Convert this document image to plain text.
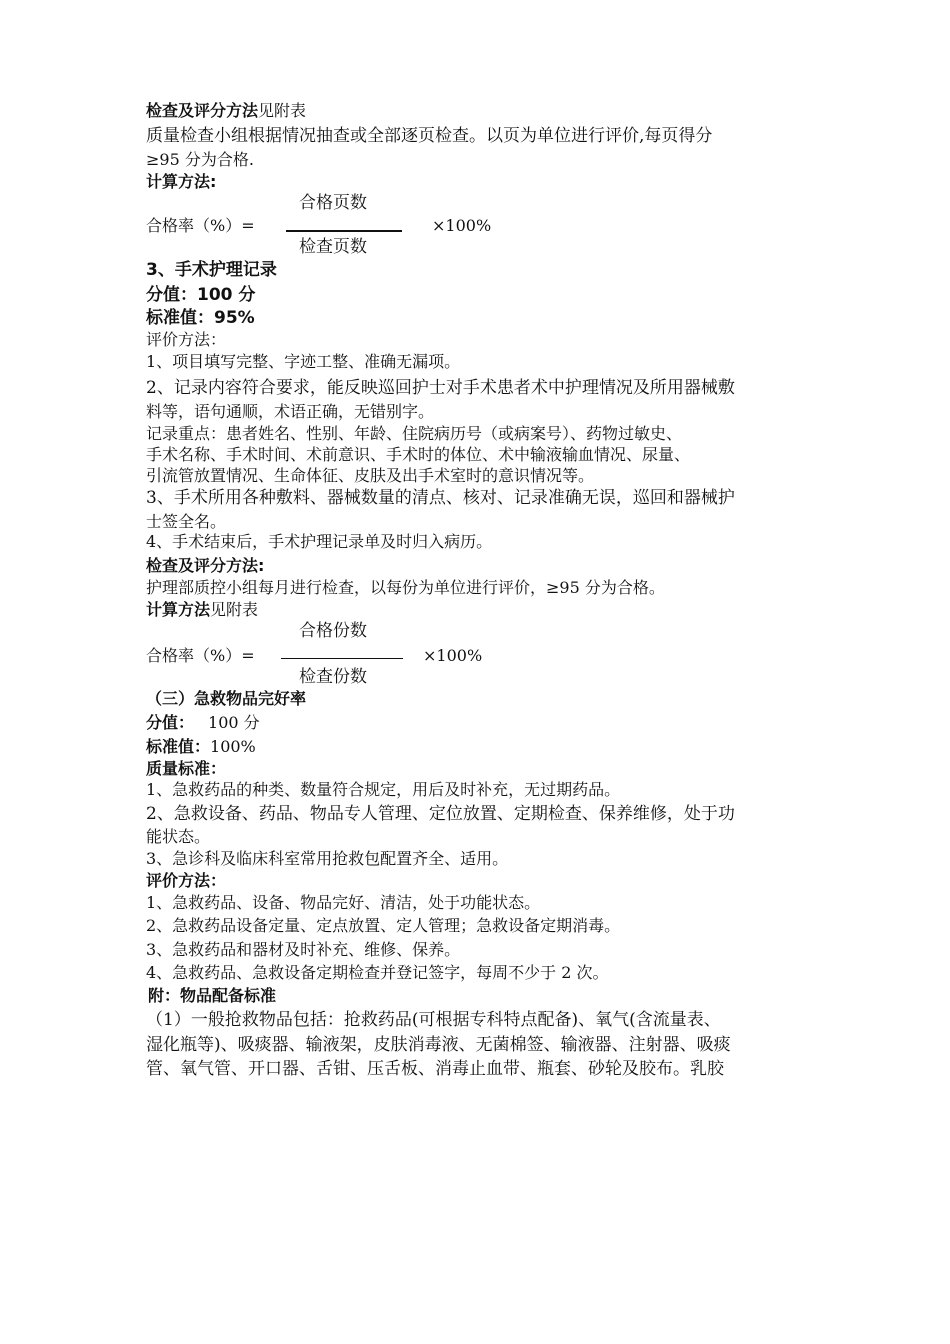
检查及评分方法见附表
质量检查小组根据情况抽查或全部逐页检查。以页为单位进行评价,每页得分
≥95 分为合格.
计算方法:
合格页数
合格率（%）=	×100%
检查页数
3、手术护理记录
分值：100 分
标准值：95%
评价方法：
1、项目填写完整、字迹工整、准确无漏项。
2、记录内容符合要求，能反映巡回护士对手术患者术中护理情况及所用器械敷
料等，语句通顺，术语正确，无错别字。
记录重点：患者姓名、性别、年龄、住院病历号（或病案号）、药物过敏史、
手术名称、手术时间、术前意识、手术时的体位、术中输液输血情况、尿量、
引流管放置情况、生命体征、皮肤及出手术室时的意识情况等。
3、手术所用各种敷料、器械数量的清点、核对、记录准确无误，巡回和器械护
士签全名。
4、手术结束后，手术护理记录单及时归入病历。
检查及评分方法:
护理部质控小组每月进行检查，以每份为单位进行评价，≥95 分为合格。
计算方法见附表
合格份数
合格率（%）=	×100%
检查份数
（三）急救物品完好率
分值： 100 分
标准值：100%
质量标准：
1、急救药品的种类、数量符合规定，用后及时补充，无过期药品。
2、急救设备、药品、物品专人管理、定位放置、定期检查、保养维修，处于功
能状态。
3、急诊科及临床科室常用抢救包配置齐全、适用。
评价方法：
1、急救药品、设备、物品完好、清洁，处于功能状态。
2、急救药品设备定量、定点放置、定人管理；急救设备定期消毒。
3、急救药品和器材及时补充、维修、保养。
4、急救药品、急救设备定期检查并登记签字，每周不少于 2 次。
附：物品配备标准
（1）一般抢救物品包括：抢救药品(可根据专科特点配备)、氧气(含流量表、
湿化瓶等)、吸痰器、输液架，皮肤消毒液、无菌棉签、输液器、注射器、吸痰
管、氧气管、开口器、舌钳、压舌板、消毒止血带、瓶套、砂轮及胶布。乳胶
